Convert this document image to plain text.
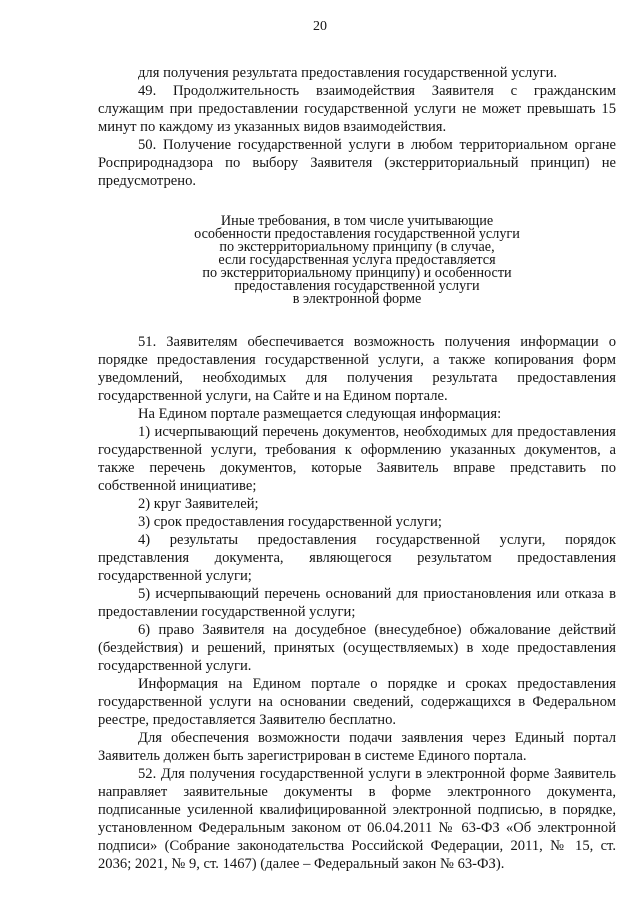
20

для получения результата предоставления государственной услуги.

49. Продолжительность взаимодействия Заявителя с гражданским служащим при предоставлении государственной услуги не может превышать 15 минут по каждому из указанных видов взаимодействия.

50. Получение государственной услуги в любом территориальном органе Росприроднадзора по выбору Заявителя (экстерриториальный принцип) не предусмотрено.

Иные требования, в том числе учитывающие
особенности предоставления государственной услуги
по экстерриториальному принципу (в случае,
если государственная услуга предоставляется
по экстерриториальному принципу) и особенности
предоставления государственной услуги
в электронной форме

51. Заявителям обеспечивается возможность получения информации о порядке предоставления государственной услуги, а также копирования форм уведомлений, необходимых для получения результата предоставления государственной услуги, на Сайте и на Едином портале.

На Едином портале размещается следующая информация:

1) исчерпывающий перечень документов, необходимых для предоставления государственной услуги, требования к оформлению указанных документов, а также перечень документов, которые Заявитель вправе представить по собственной инициативе;

2) круг Заявителей;

3) срок предоставления государственной услуги;

4) результаты предоставления государственной услуги, порядок представления документа, являющегося результатом предоставления государственной услуги;

5) исчерпывающий перечень оснований для приостановления или отказа в предоставлении государственной услуги;

6) право Заявителя на досудебное (внесудебное) обжалование действий (бездействия) и решений, принятых (осуществляемых) в ходе предоставления государственной услуги.

Информация на Едином портале о порядке и сроках предоставления государственной услуги на основании сведений, содержащихся в Федеральном реестре, предоставляется Заявителю бесплатно.

Для обеспечения возможности подачи заявления через Единый портал Заявитель должен быть зарегистрирован в системе Единого портала.

52. Для получения государственной услуги в электронной форме Заявитель направляет заявительные документы в форме электронного документа, подписанные усиленной квалифицированной электронной подписью, в порядке, установленном Федеральным законом от 06.04.2011 № 63-ФЗ «Об электронной подписи» (Собрание законодательства Российской Федерации, 2011, № 15, ст. 2036; 2021, № 9, ст. 1467) (далее – Федеральный закон № 63-ФЗ).
